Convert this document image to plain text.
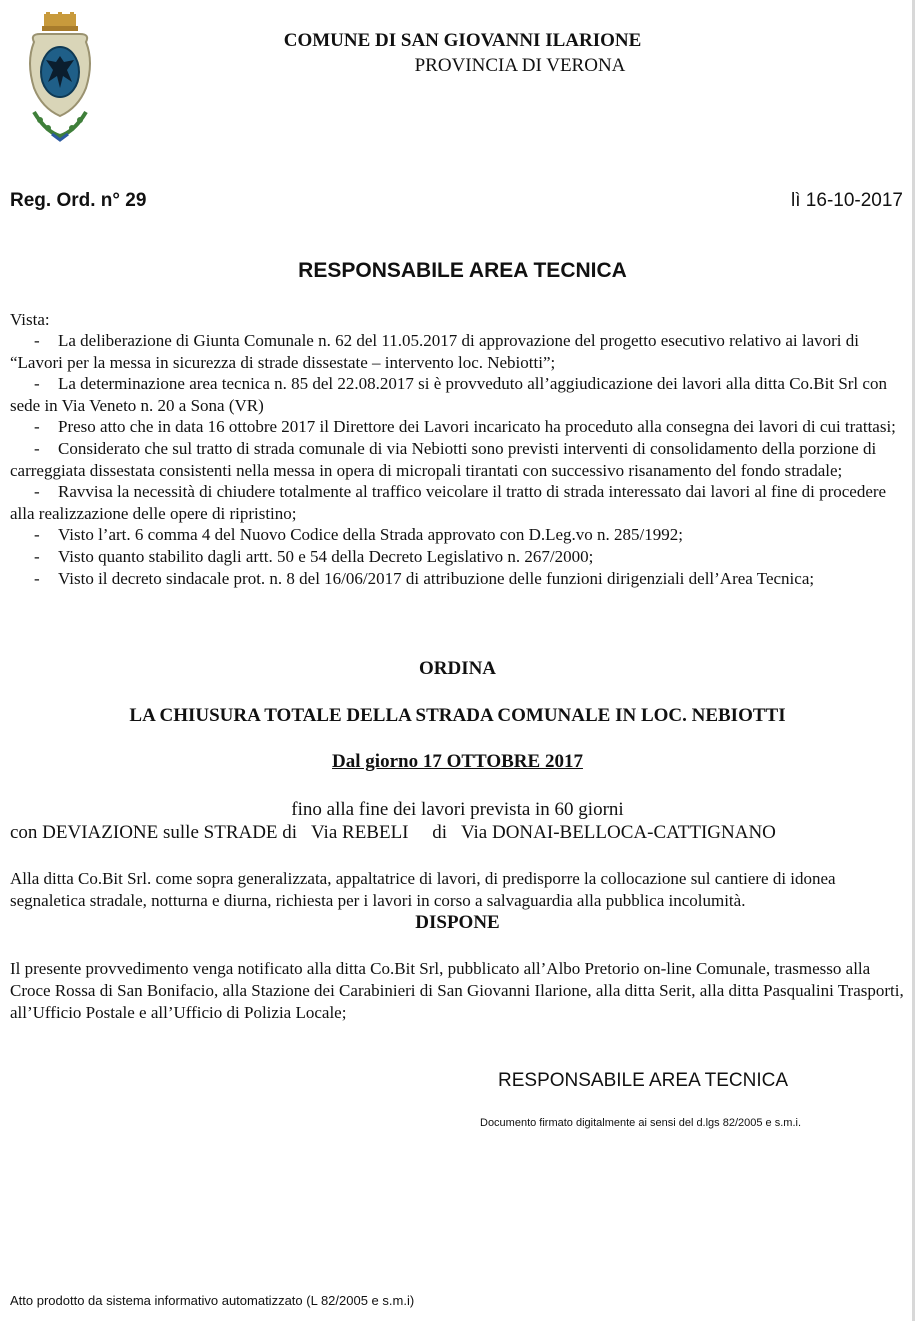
COMUNE DI SAN GIOVANNI ILARIONE
PROVINCIA DI VERONA
Reg. Ord. n° 29	lì 16-10-2017
RESPONSABILE AREA TECNICA
Vista:
- La deliberazione di Giunta Comunale n. 62 del 11.05.2017 di approvazione del progetto esecutivo relativo ai lavori di “Lavori per la messa in sicurezza di strade dissestate – intervento loc. Nebiotti”;
- La determinazione area tecnica n. 85 del 22.08.2017 si è provveduto all’aggiudicazione dei lavori alla ditta Co.Bit Srl con sede in Via Veneto n. 20 a Sona (VR)
- Preso atto che in data 16 ottobre 2017 il Direttore dei Lavori incaricato ha proceduto alla consegna dei lavori di cui trattasi;
- Considerato che sul tratto di strada comunale di via Nebiotti sono previsti interventi di consolidamento della porzione di carreggiata dissestata consistenti nella messa in opera di micropali tirantati con successivo risanamento del fondo stradale;
- Ravvisa la necessità di chiudere totalmente al traffico veicolare il tratto di strada interessato dai lavori al fine di procedere alla realizzazione delle opere di ripristino;
- Visto l’art. 6 comma 4 del Nuovo Codice della Strada approvato con D.Leg.vo n. 285/1992;
- Visto quanto stabilito dagli artt. 50 e 54 della Decreto Legislativo n. 267/2000;
- Visto il decreto sindacale prot. n. 8 del 16/06/2017 di attribuzione delle funzioni dirigenziali dell’Area Tecnica;
ORDINA
LA CHIUSURA TOTALE DELLA STRADA COMUNALE IN LOC. NEBIOTTI
Dal giorno 17 OTTOBRE 2017
fino alla fine dei lavori prevista in 60 giorni
con DEVIAZIONE sulle STRADE di   Via REBELI     di   Via DONAI-BELLOCA-CATTIGNANO
Alla ditta Co.Bit Srl. come sopra generalizzata, appaltatrice di lavori, di predisporre la collocazione sul cantiere di idonea segnaletica stradale, notturna e diurna, richiesta per i lavori in corso a salvaguardia alla pubblica incolumità.
DISPONE
Il presente provvedimento venga notificato alla ditta Co.Bit Srl, pubblicato all’Albo Pretorio on-line Comunale, trasmesso alla Croce Rossa di San Bonifacio, alla Stazione dei Carabinieri di San Giovanni Ilarione, alla ditta Serit, alla ditta Pasqualini Trasporti, all’Ufficio Postale e all’Ufficio di Polizia Locale;
RESPONSABILE AREA TECNICA
Documento firmato digitalmente ai sensi del d.lgs 82/2005 e s.m.i.
Atto prodotto da sistema informativo automatizzato (L 82/2005 e s.m.i)
